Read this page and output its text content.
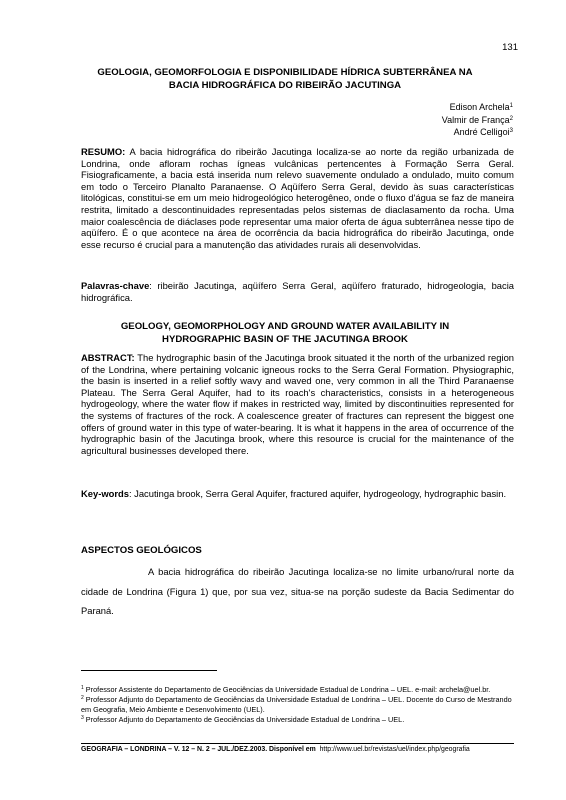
131
GEOLOGIA, GEOMORFOLOGIA E DISPONIBILIDADE HÍDRICA SUBTERRÂNEA NA
BACIA HIDROGRÁFICA DO RIBEIRÃO JACUTINGA
Edison Archela$^1$
Valmir de França$^2$
André Celligoi$^3$
RESUMO: A bacia hidrográfica do ribeirão Jacutinga localiza-se ao norte da região urbanizada de Londrina, onde afloram rochas ígneas vulcânicas pertencentes à Formação Serra Geral. Fisiograficamente, a bacia está inserida num relevo suavemente ondulado a ondulado, muito comum em todo o Terceiro Planalto Paranaense. O Aqüífero Serra Geral, devido às suas características litológicas, constitui-se em um meio hidrogeológico heterogêneo, onde o fluxo d'água se faz de maneira restrita, limitado a descontinuidades representadas pelos sistemas de diaclasamento da rocha. Uma maior coalescência de diáclases pode representar uma maior oferta de água subterrânea nesse tipo de aqüífero. É o que acontece na área de ocorrência da bacia hidrográfica do ribeirão Jacutinga, onde esse recurso é crucial para a manutenção das atividades rurais ali desenvolvidas.
Palavras-chave: ribeirão Jacutinga, aqüífero Serra Geral, aqüífero fraturado, hidrogeologia, bacia hidrográfica.
GEOLOGY, GEOMORPHOLOGY AND GROUND WATER AVAILABILITY IN
HYDROGRAPHIC BASIN OF THE JACUTINGA BROOK
ABSTRACT: The hydrographic basin of the Jacutinga brook situated it the north of the urbanized region of the Londrina, where pertaining volcanic igneous rocks to the Serra Geral Formation. Physiographic, the basin is inserted in a relief softly wavy and waved one, very common in all the Third Paranaense Plateau. The Serra Geral Aquifer, had to its roach's characteristics, consists in a heterogeneous hydrogeology, where the water flow if makes in restricted way, limited by discontinuities represented for the systems of fractures of the rock. A coalescence greater of fractures can represent the biggest one offers of ground water in this type of water-bearing. It is what it happens in the area of occurrence of the hydrographic basin of the Jacutinga brook, where this resource is crucial for the maintenance of the agricultural businesses developed there.
Key-words: Jacutinga brook, Serra Geral Aquifer, fractured aquifer, hydrogeology, hydrographic basin.
ASPECTOS GEOLÓGICOS
A bacia hidrográfica do ribeirão Jacutinga localiza-se no limite urbano/rural norte da cidade de Londrina (Figura 1) que, por sua vez, situa-se na porção sudeste da Bacia Sedimentar do Paraná.
$^1$ Professor Assistente do Departamento de Geociências da Universidade Estadual de Londrina – UEL. e-mail: archela@uel.br.
$^2$ Professor Adjunto do Departamento de Geociências da Universidade Estadual de Londrina – UEL. Docente do Curso de Mestrando em Geografia, Meio Ambiente e Desenvolvimento (UEL).
$^3$ Professor Adjunto do Departamento de Geociências da Universidade Estadual de Londrina – UEL.
GEOGRAFIA – LONDRINA – V. 12 – N. 2 – JUL./DEZ.2003. Disponível em http://www.uel.br/revistas/uel/index.php/geografia
